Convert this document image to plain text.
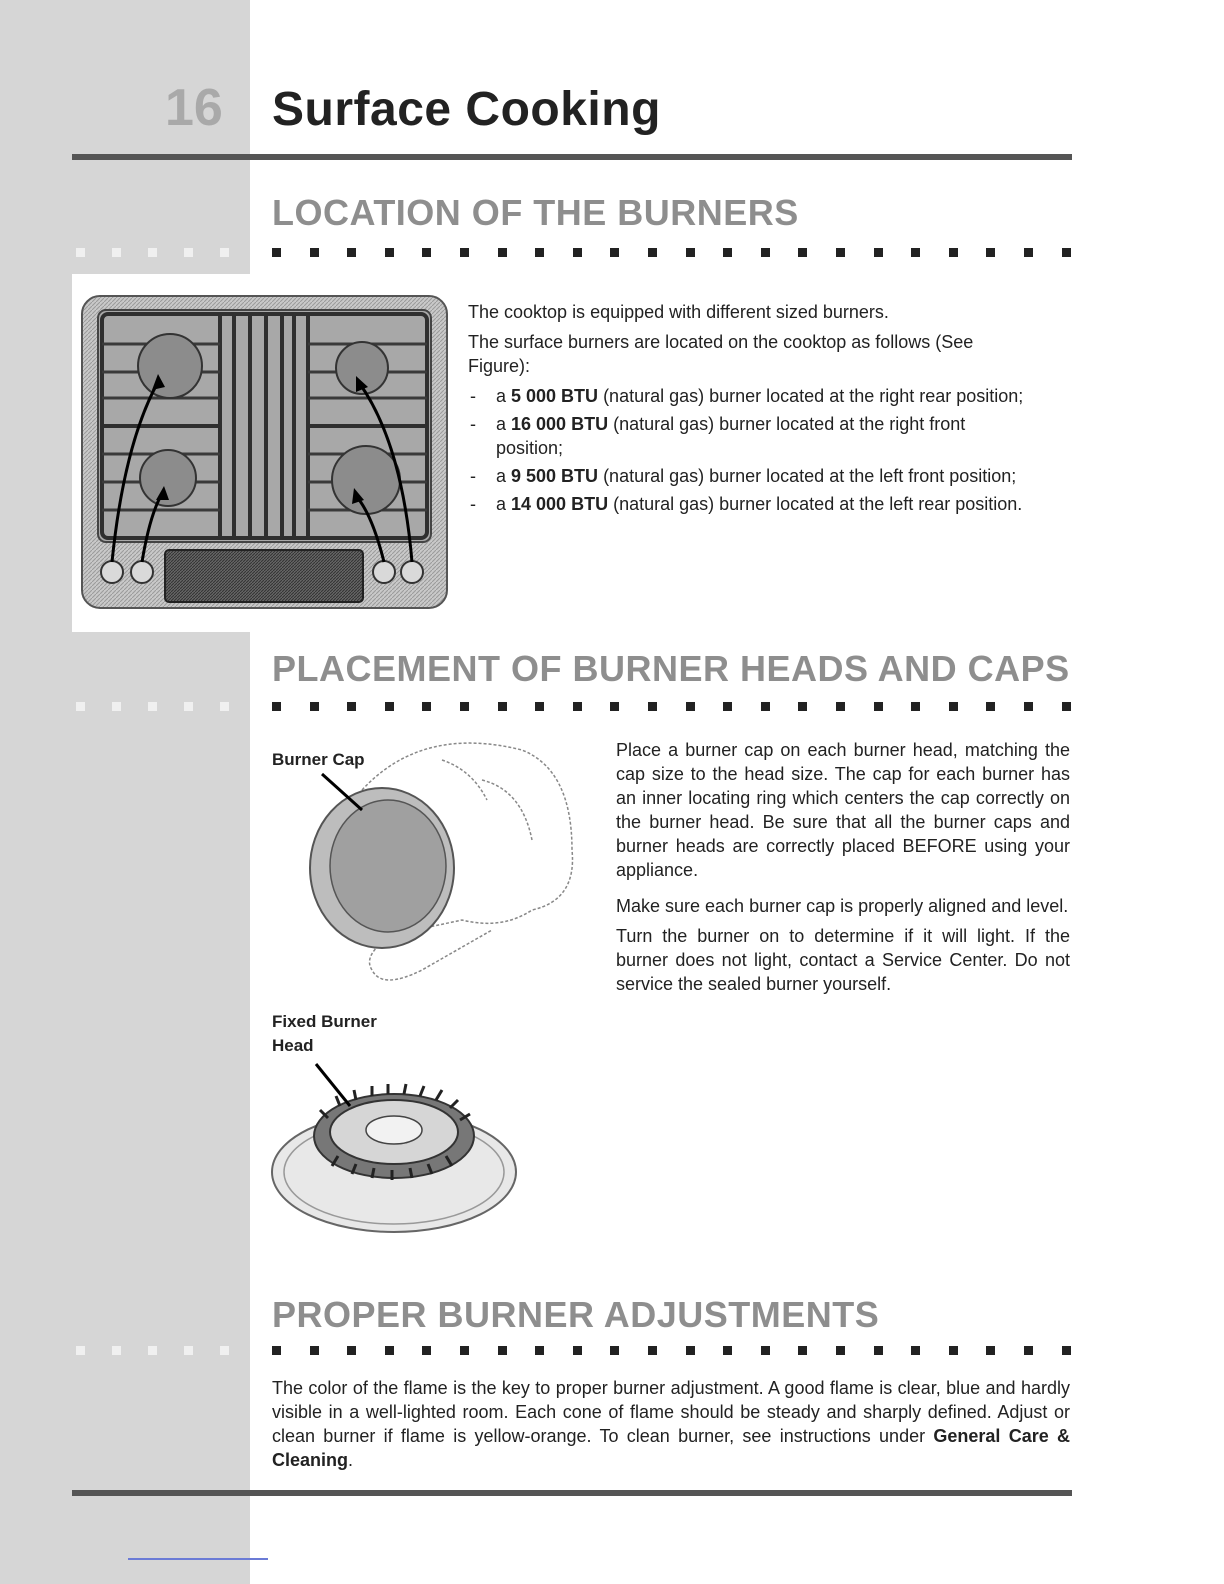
16 Surface Cooking
LOCATION OF THE BURNERS

The cooktop is equipped with different sized burners.

The surface burners are located on the cooktop as follows (See Figure):

- a 5 000 BTU (natural gas) burner located at the right rear position;
- a 16 000 BTU (natural gas) burner located at the right front position;
- a 9 500 BTU (natural gas) burner located at the left front position;
- a 14 000 BTU (natural gas) burner located at the left rear position.
PLACEMENT OF BURNER HEADS AND CAPS
Burner Cap
Fixed Burner
Head

Place a burner cap on each burner head, matching the cap size to the head size. The cap for each burner has an inner locating ring which centers the cap correctly on the burner head. Be sure that all the burner caps and burner heads are correctly placed BEFORE using your appliance.

Make sure each burner cap is properly aligned and level.

Turn the burner on to determine if it will light. If the burner does not light, contact a Service Center. Do not service the sealed burner yourself.

PROPER BURNER ADJUSTMENTS

The color of the flame is the key to proper burner adjustment. A good flame is clear, blue and hardly visible in a well-lighted room. Each cone of flame should be steady and sharply defined. Adjust or clean burner if flame is yellow-orange. To clean burner, see instructions under General Care & Cleaning.
